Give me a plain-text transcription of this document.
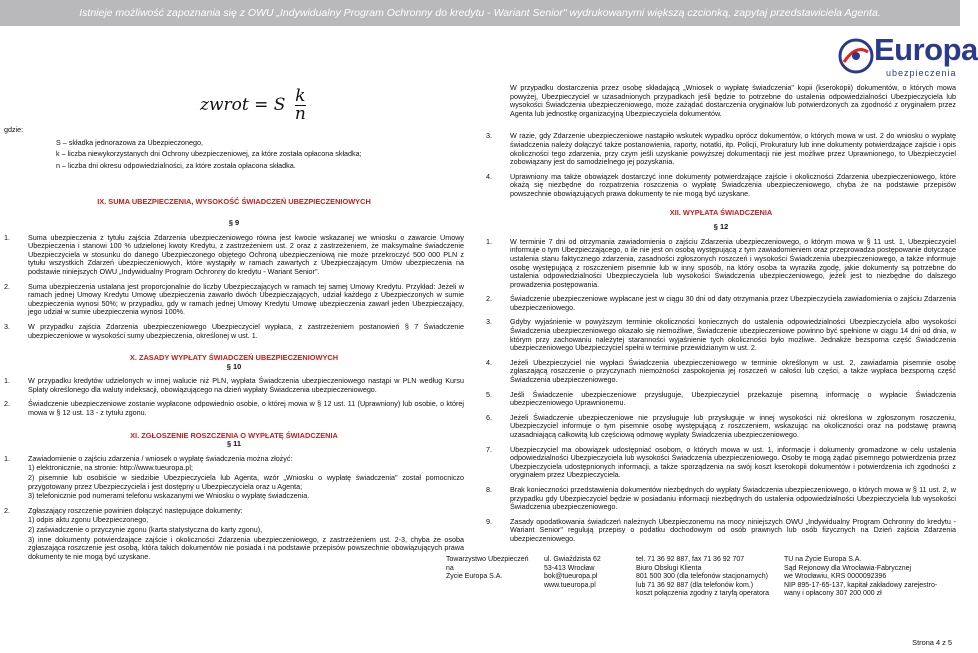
Istnieje możliwość zapoznania się z OWU „Indywidualny Program Ochronny do kredytu - Wariant Senior" wydrukowanymi większą czcionką, zapytaj przedstawiciela Agenta.
Europa
ubezpieczenia
zwrot = S $\frac{k}{n}$
gdzie:
S – składka jednorazowa za Ubezpieczonego,
k – liczba niewykorzystanych dni Ochrony ubezpieczeniowej, za które została opłacona składka;
n – liczba dni okresu odpowiedzialności, za które została opłacona składka.
IX. SUMA UBEZPIECZENIA, WYSOKOŚĆ ŚWIADCZEŃ UBEZPIECZENIOWYCH
§ 9
1.	Suma ubezpieczenia z tytułu zajścia Zdarzenia ubezpieczeniowego równa jest kwocie wskazanej we wniosku o zawarcie Umowy Ubezpieczenia i stanowi 100 % udzielonej kwoty Kredytu, z zastrzeżeniem ust. 2 oraz z zastrzeżeniem, że maksymalne świadczenie Ubezpieczyciela w stosunku do danego Ubezpieczonego objętego Ochroną ubezpieczeniową nie może przekroczyć 500 000 PLN z tytułu wszystkich Zdarzeń ubezpieczeniowych, które wystąpiły w ramach zawartych z Ubezpieczającym Umów ubezpieczenia na podstawie niniejszych OWU „Indywidualny Program Ochronny do kredytu - Wariant Senior".
2.	Suma ubezpieczenia ustalana jest proporcjonalnie do liczby Ubezpieczających w ramach tej samej Umowy Kredytu. Przykład: Jeżeli w ramach jednej Umowy Kredytu Umowę ubezpieczenia zawarło dwóch Ubezpieczających, udział każdego z Ubezpieczonych w sumie ubezpieczenia wynosi 50%; w przypadku, gdy w ramach jednej Umowy Kredytu Umowę ubezpieczenia zawarł jeden Ubezpieczający, jego udział w sumie ubezpieczenia wynosi 100%.
3.	W przypadku zajścia Zdarzenia ubezpieczeniowego Ubezpieczyciel wypłaca, z zastrzeżeniem postanowień § 7 Świadczenie ubezpieczeniowe w wysokości sumy ubezpieczenia, określonej w ust. 1.
X. ZASADY WYPŁATY ŚWIADCZEŃ UBEZPIECZENIOWYCH
§ 10
1.	W przypadku kredytów udzielonych w innej walucie niż PLN, wypłata Świadczenia ubezpieczeniowego nastąpi w PLN według Kursu Spłaty określonego dla waluty indeksacji, obowiązującego na dzień wypłaty Świadczenia ubezpieczeniowego.
2.	Świadczenie ubezpieczeniowe zostanie wypłacone odpowiednio osobie, o której mowa w § 12 ust. 11 (Uprawniony) lub osobie, o której mowa w § 12 ust. 13 - z tytułu zgonu.
XI. ZGŁOSZENIE ROSZCZENIA O WYPŁATĘ ŚWIADCZENIA
§ 11
1.	Zawiadomienie o zajściu zdarzenia / wniosek o wypłatę świadczenia można złożyć:
1) elektronicznie, na stronie: http://www.tueuropa.pl;
2) pisemnie lub osobiście w siedzibie Ubezpieczyciela lub Agenta, wzór „Wniosku o wypłatę świadczenia" został pomocniczo przygotowany przez Ubezpieczyciela i jest dostępny u Ubezpieczyciela oraz u Agenta;
3) telefonicznie pod numerami telefonu wskazanymi we Wniosku o wypłatę świadczenia.
2.	Zgłaszający roszczenie powinien dołączyć następujące dokumenty:
1) odpis aktu zgonu Ubezpieczonego,
2) zaświadczenie o przyczynie zgonu (karta statystyczna do karty zgonu),
3) inne dokumenty potwierdzające zajście i okoliczności Zdarzenia ubezpieczeniowego, z zastrzeżeniem ust. 2-3, chyba że osoba zgłaszająca roszczenie jest osobą, która takich dokumentów nie posiada i na podstawie przepisów powszechnie obowiązujących prawa dokumenty te nie mogą być uzyskane.
W przypadku dostarczenia przez osobę składającą „Wniosek o wypłatę świadczenia" kopii (kserokopii) dokumentów, o których mowa powyżej, Ubezpieczyciel w uzasadnionych przypadkach jeśli będzie to potrzebne do ustalenia odpowiedzialności Ubezpieczyciela lub wysokości Świadczenia ubezpieczeniowego, może zażądać dostarczenia oryginałów lub potwierdzonych za zgodność z oryginałem przez Agenta lub jednostkę organizacyjną Ubezpieczyciela dokumentów.
3.	W razie, gdy Zdarzenie ubezpieczeniowe nastąpiło wskutek wypadku oprócz dokumentów, o których mowa w ust. 2 do wniosku o wypłatę świadczenia należy dołączyć także postanowienia, raporty, notatki, itp. Policji, Prokuratury lub inne dokumenty potwierdzające zajście i opis okoliczności tego zdarzenia, przy czym jeśli uzyskanie powyższej dokumentacji nie jest możliwe przez Uprawnionego, to Ubezpieczyciel zobowiązany jest do samodzielnego jej pozyskania.
4.	Uprawniony ma także obowiązek dostarczyć inne dokumenty potwierdzające zajście i okoliczności Zdarzenia ubezpieczeniowego, które okażą się niezbędne do rozpatrzenia roszczenia o wypłatę Świadczenia ubezpieczeniowego, chyba że na podstawie przepisów powszechnie obowiązujących prawa dokumenty te nie mogą być uzyskane.
XII. WYPŁATA ŚWIADCZENIA
§ 12
1.	W terminie 7 dni od otrzymania zawiadomienia o zajściu Zdarzenia ubezpieczeniowego, o którym mowa w § 11 ust. 1, Ubezpieczyciel informuje o tym Ubezpieczającego, o ile nie jest on osobą występującą z tym zawiadomieniem oraz przeprowadza postępowanie dotyczące ustalenia stanu faktycznego zdarzenia, zasadności zgłoszonych roszczeń i wysokości Świadczenia ubezpieczeniowego, a także informuje osobę występującą z roszczeniem pisemnie lub w inny sposób, na który osoba ta wyraziła zgodę, jakie dokumenty są potrzebne do ustalenia odpowiedzialności Ubezpieczyciela lub wysokości Świadczenia ubezpieczeniowego, jeżeli jest to niezbędne do dalszego prowadzenia postępowania.
2.	Świadczenie ubezpieczeniowe wypłacane jest w ciągu 30 dni od daty otrzymania przez Ubezpieczyciela zawiadomienia o zajściu Zdarzenia ubezpieczeniowego.
3.	Gdyby wyjaśnienie w powyższym terminie okoliczności koniecznych do ustalenia odpowiedzialności Ubezpieczyciela albo wysokości Świadczenia ubezpieczeniowego okazało się niemożliwe, Świadczenie ubezpieczeniowe powinno być spełnione w ciągu 14 dni od dnia, w którym przy zachowaniu należytej staranności wyjaśnienie tych okoliczności było możliwe. Jednakże bezsporna część Świadczenia ubezpieczeniowego Ubezpieczyciel spełni w terminie przewidzianym w ust. 2.
4.	Jeżeli Ubezpieczyciel nie wypłaci Świadczenia ubezpieczeniowego w terminie określonym w ust. 2, zawiadamia pisemnie osobę zgłaszającą roszczenie o przyczynach niemożności zaspokojenia jej roszczeń w całości lub części, a także wypłaca bezsporną część Świadczenia ubezpieczeniowego.
5.	Jeśli Świadczenie ubezpieczeniowe przysługuje, Ubezpieczyciel przekazuje pisemną informację o wypłacie Świadczenia ubezpieczeniowego Uprawnionemu.
6.	Jeżeli Świadczenie ubezpieczeniowe nie przysługuje lub przysługuje w innej wysokości niż określona w zgłoszonym roszczeniu, Ubezpieczyciel informuje o tym pisemnie osobę występującą z roszczeniem, wskazując na okoliczności oraz na podstawę prawną uzasadniającą całkowitą lub częściową odmowę wypłaty Świadczenia ubezpieczeniowego.
7.	Ubezpieczyciel ma obowiązek udostępniać osobom, o których mowa w ust. 1, informacje i dokumenty gromadzone w celu ustalenia odpowiedzialności Ubezpieczyciela lub wysokości Świadczenia ubezpieczeniowego. Osoby te mogą żądać pisemnego potwierdzenia przez Ubezpieczyciela udostępnionych informacji, a także sporządzenia na swój koszt kserokopii dokumentów i potwierdzenia ich zgodności z oryginałem przez Ubezpieczyciela.
8.	Brak konieczności przedstawienia dokumentów niezbędnych do wypłaty Świadczenia ubezpieczeniowego, o których mowa w § 11 ust. 2, w przypadku gdy Ubezpieczyciel będzie w posiadaniu informacji niezbędnych do ustalenia odpowiedzialności Ubezpieczyciela lub wysokości Świadczenia ubezpieczeniowego.
9.	Zasady opodatkowania świadczeń należnych Ubezpieczonemu na mocy niniejszych OWU „Indywidualny Program Ochronny do kredytu - Wariant Senior" regulują przepisy o podatku dochodowym od osób prawnych lub osób fizycznych na Dzień zajścia Zdarzenia ubezpieczeniowego.
Towarzystwo Ubezpieczeń na
Życie Europa S.A.
ul. Gwiaździsta 62
53-413 Wrocław
bok@tueuropa.pl
www.tueuropa.pl
tel. 71 36 92 887, fax 71 36 92 707
Biuro Obsługi Klienta
801 500 300 (dla telefonów stacjonarnych)
lub 71 36 92 887 (dla telefonów kom.)
koszt połączenia zgodny z taryfą operatora
TU na Życie Europa S.A.
Sąd Rejonowy dla Wrocławia-Fabrycznej
we Wrocławiu, KRS 0000092396
NIP 895-17-65-137, kapitał zakładowy zarejestro-
wany i opłacony 307 200 000 zł
Strona 4 z 5
